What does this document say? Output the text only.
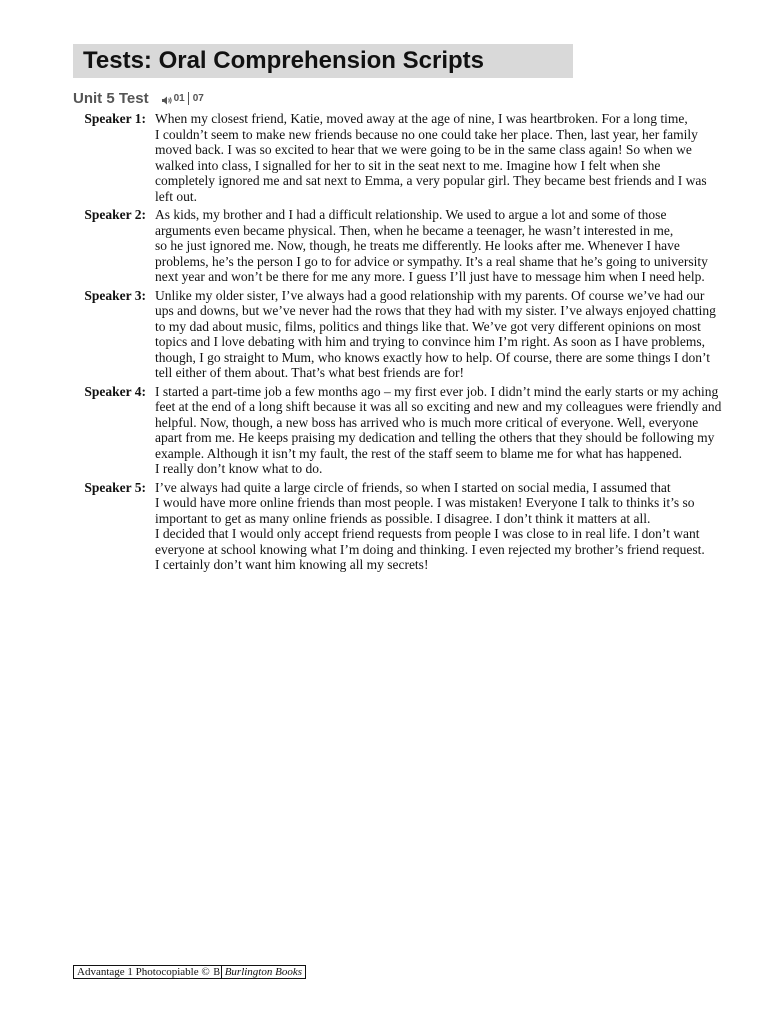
Tests: Oral Comprehension Scripts
Unit 5 Test	01 07
Speaker 1: When my closest friend, Katie, moved away at the age of nine, I was heartbroken. For a long time,
I couldn’t seem to make new friends because no one could take her place. Then, last year, her family
moved back. I was so excited to hear that we were going to be in the same class again! So when we
walked into class, I signalled for her to sit in the seat next to me. Imagine how I felt when she
completely ignored me and sat next to Emma, a very popular girl. They became best friends and I was
left out.
Speaker 2: As kids, my brother and I had a difficult relationship. We used to argue a lot and some of those
arguments even became physical. Then, when he became a teenager, he wasn’t interested in me,
so he just ignored me. Now, though, he treats me differently. He looks after me. Whenever I have
problems, he’s the person I go to for advice or sympathy. It’s a real shame that he’s going to university
next year and won’t be there for me any more. I guess I’ll just have to message him when I need help.
Speaker 3: Unlike my older sister, I’ve always had a good relationship with my parents. Of course we’ve had our
ups and downs, but we’ve never had the rows that they had with my sister. I’ve always enjoyed chatting
to my dad about music, films, politics and things like that. We’ve got very different opinions on most
topics and I love debating with him and trying to convince him I’m right. As soon as I have problems,
though, I go straight to Mum, who knows exactly how to help. Of course, there are some things I don’t
tell either of them about. That’s what best friends are for!
Speaker 4: I started a part-time job a few months ago – my first ever job. I didn’t mind the early starts or my aching
feet at the end of a long shift because it was all so exciting and new and my colleagues were friendly and
helpful. Now, though, a new boss has arrived who is much more critical of everyone. Well, everyone
apart from me. He keeps praising my dedication and telling the others that they should be following my
example. Although it isn’t my fault, the rest of the staff seem to blame me for what has happened.
I really don’t know what to do.
Speaker 5: I’ve always had quite a large circle of friends, so when I started on social media, I assumed that
I would have more online friends than most people. I was mistaken! Everyone I talk to thinks it’s so
important to get as many online friends as possible. I disagree. I don’t think it matters at all.
I decided that I would only accept friend requests from people I was close to in real life. I don’t want
everyone at school knowing what I’m doing and thinking. I even rejected my brother’s friend request.
I certainly don’t want him knowing all my secrets!
Advantage 1 Photocopiable © B Burlington Books
